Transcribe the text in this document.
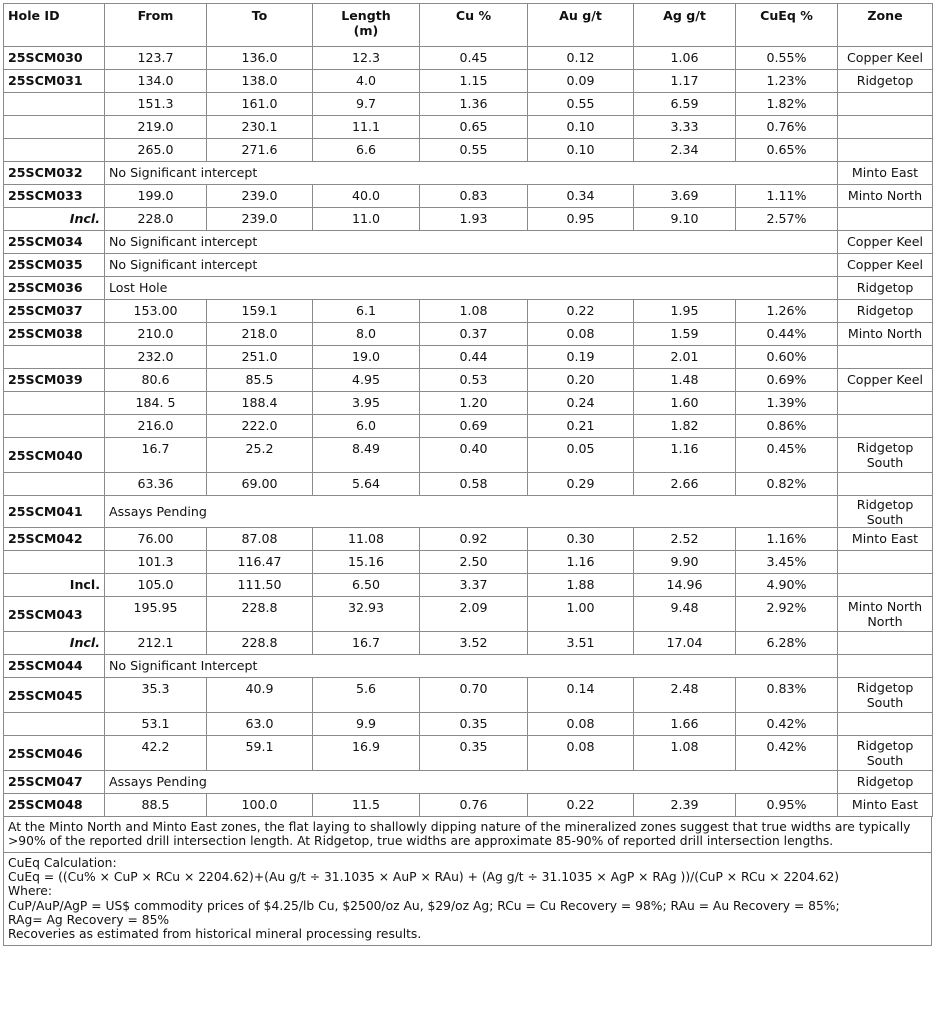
Hole ID	From	To	Length (m)	Cu %	Au g/t	Ag g/t	CuEq %	Zone
25SCM030	123.7	136.0	12.3	0.45	0.12	1.06	0.55%	Copper Keel
25SCM031	134.0	138.0	4.0	1.15	0.09	1.17	1.23%	Ridgetop
	151.3	161.0	9.7	1.36	0.55	6.59	1.82%	
	219.0	230.1	11.1	0.65	0.10	3.33	0.76%	
	265.0	271.6	6.6	0.55	0.10	2.34	0.65%	
25SCM032	No Significant intercept							Minto East
25SCM033	199.0	239.0	40.0	0.83	0.34	3.69	1.11%	Minto North
Incl.	228.0	239.0	11.0	1.93	0.95	9.10	2.57%	
25SCM034	No Significant intercept							Copper Keel
25SCM035	No Significant intercept							Copper Keel
25SCM036	Lost Hole							Ridgetop
25SCM037	153.00	159.1	6.1	1.08	0.22	1.95	1.26%	Ridgetop
25SCM038	210.0	218.0	8.0	0.37	0.08	1.59	0.44%	Minto North
	232.0	251.0	19.0	0.44	0.19	2.01	0.60%	
25SCM039	80.6	85.5	4.95	0.53	0.20	1.48	0.69%	Copper Keel
	184. 5	188.4	3.95	1.20	0.24	1.60	1.39%	
	216.0	222.0	6.0	0.69	0.21	1.82	0.86%	
25SCM040	16.7	25.2	8.49	0.40	0.05	1.16	0.45%	Ridgetop South
	63.36	69.00	5.64	0.58	0.29	2.66	0.82%	
25SCM041	Assays Pending							Ridgetop South
25SCM042	76.00	87.08	11.08	0.92	0.30	2.52	1.16%	Minto East
	101.3	116.47	15.16	2.50	1.16	9.90	3.45%	
Incl.	105.0	111.50	6.50	3.37	1.88	14.96	4.90%	
25SCM043	195.95	228.8	32.93	2.09	1.00	9.48	2.92%	Minto North North
Incl.	212.1	228.8	16.7	3.52	3.51	17.04	6.28%	
25SCM044	No Significant Intercept							
25SCM045	35.3	40.9	5.6	0.70	0.14	2.48	0.83%	Ridgetop South
	53.1	63.0	9.9	0.35	0.08	1.66	0.42%	
25SCM046	42.2	59.1	16.9	0.35	0.08	1.08	0.42%	Ridgetop South
25SCM047	Assays Pending							Ridgetop
25SCM048	88.5	100.0	11.5	0.76	0.22	2.39	0.95%	Minto East
At the Minto North and Minto East zones, the flat laying to shallowly dipping nature of the mineralized zones suggest that true widths are typically >90% of the reported drill intersection length. At Ridgetop, true widths are approximate 85-90% of reported drill intersection lengths.
CuEq Calculation:
CuEq = ((Cu% × CuP × RCu × 2204.62)+(Au g/t ÷ 31.1035 × AuP × RAu) + (Ag g/t ÷ 31.1035 × AgP × RAg ))/(CuP × RCu × 2204.62)
Where:
CuP/AuP/AgP = US$ commodity prices of $4.25/lb Cu, $2500/oz Au, $29/oz Ag; RCu = Cu Recovery = 98%; RAu = Au Recovery = 85%;
RAg= Ag Recovery = 85%
Recoveries as estimated from historical mineral processing results.
